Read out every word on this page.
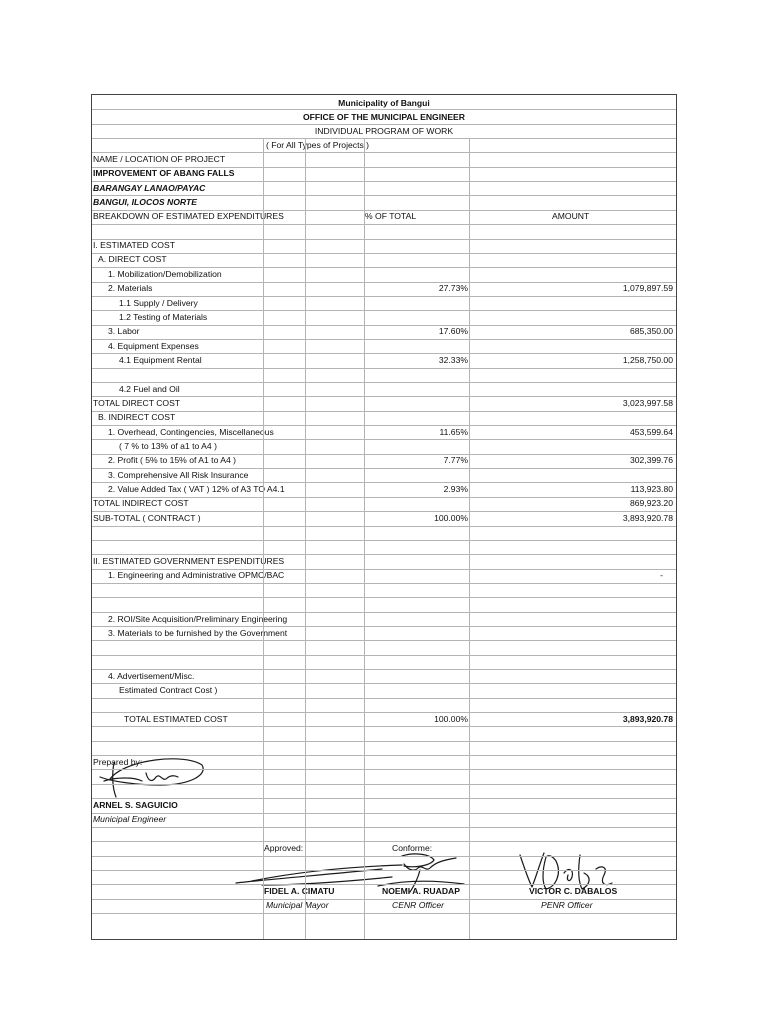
Municipality of Bangui
OFFICE OF THE MUNICIPAL ENGINEER
INDIVIDUAL PROGRAM OF WORK
( For All Types of Projects )
NAME / LOCATION OF PROJECT
IMPROVEMENT OF ABANG FALLS
BARANGAY LANAO/PAYAC
BANGUI, ILOCOS NORTE
BREAKDOWN OF ESTIMATED EXPENDITURES	% OF TOTAL	AMOUNT
I. ESTIMATED COST
A. DIRECT COST
1. Mobilization/Demobilization
2. Materials	27.73%	1,079,897.59
1.1 Supply / Delivery
1.2 Testing of Materials
3. Labor	17.60%	685,350.00
4. Equipment Expenses
4.1 Equipment Rental	32.33%	1,258,750.00
4.2 Fuel and Oil
TOTAL DIRECT COST	3,023,997.58
B. INDIRECT COST
1. Overhead, Contingencies, Miscellaneous	11.65%	453,599.64
( 7 % to 13% of a1 to A4 )
2. Profit ( 5% to 15% of A1 to A4 )	7.77%	302,399.76
3. Comprehensive All Risk Insurance
2. Value Added Tax ( VAT ) 12% of A3 TO A4.1	2.93%	113,923.80
TOTAL INDIRECT COST	869,923.20
SUB-TOTAL ( CONTRACT )	100.00%	3,893,920.78
II. ESTIMATED GOVERNMENT ESPENDITURES
1. Engineering and Administrative OPMC/BAC	-
2. ROI/Site Acquisition/Preliminary Engineering
3. Materials to be furnished by the Government
4. Advertisement/Misc.
Estimated Contract Cost )
TOTAL ESTIMATED COST	100.00%	3,893,920.78
Prepared by:
ARNEL S. SAGUICIO
Municipal Engineer
Approved:	Conforme:
FIDEL A. CIMATU
Municipal Mayor
NOEMI A. RUADAP
CENR Officer
VICTOR C. DABALOS
PENR Officer
